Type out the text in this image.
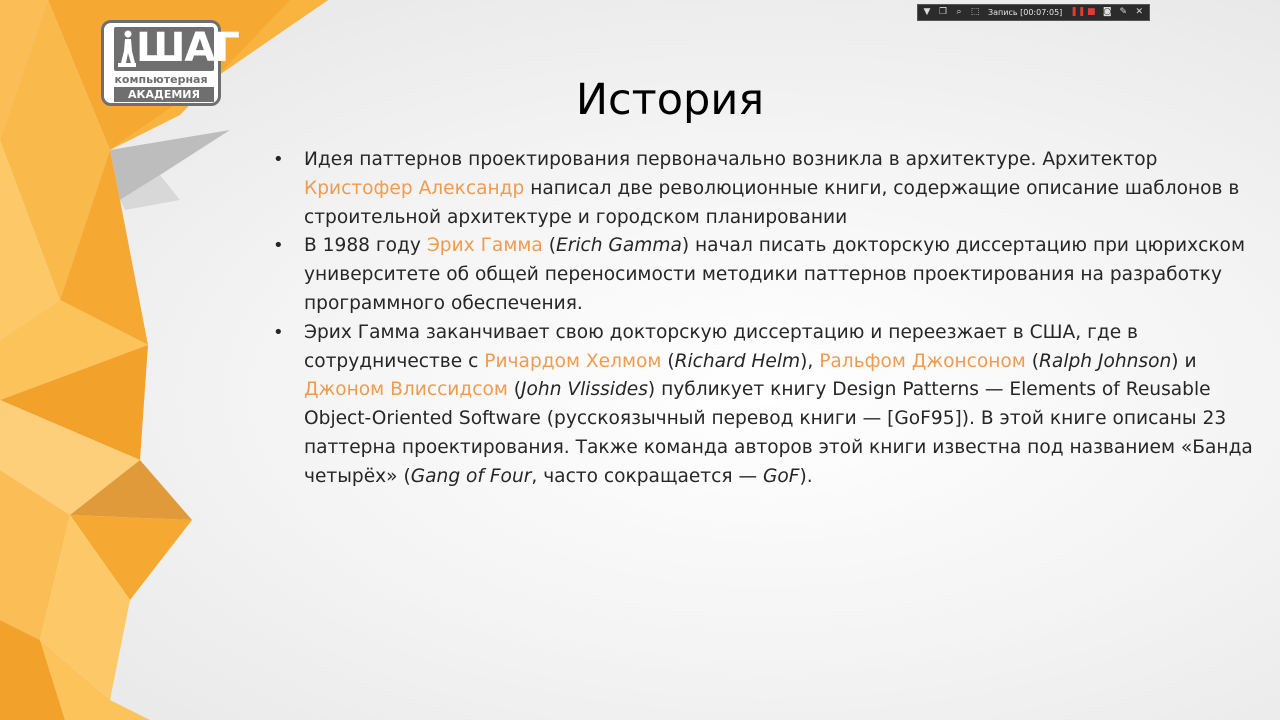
ШАГ
компьютерная
АКАДЕМИЯ
▼ ❐ ⌕ ⬚ Запись [00:07:05] ❚❚ ■ ◙ ✎ ✕
История
• Идея паттернов проектирования первоначально возникла в архитектуре. Архитектор Кристофер Александр написал две революционные книги, содержащие описание шаблонов в строительной архитектуре и городском планировании
• В 1988 году Эрих Гамма (Erich Gamma) начал писать докторскую диссертацию при цюрихском университете об общей переносимости методики паттернов проектирования на разработку программного обеспечения.
• Эрих Гамма заканчивает свою докторскую диссертацию и переезжает в США, где в сотрудничестве с Ричардом Хелмом (Richard Helm), Ральфом Джонсоном (Ralph Johnson) и Джоном Влиссидсом (John Vlissides) публикует книгу Design Patterns — Elements of Reusable Object-Oriented Software (русскоязычный перевод книги — [GoF95]). В этой книге описаны 23 паттерна проектирования. Также команда авторов этой книги известна под названием «Банда четырёх» (Gang of Four, часто сокращается — GoF).
